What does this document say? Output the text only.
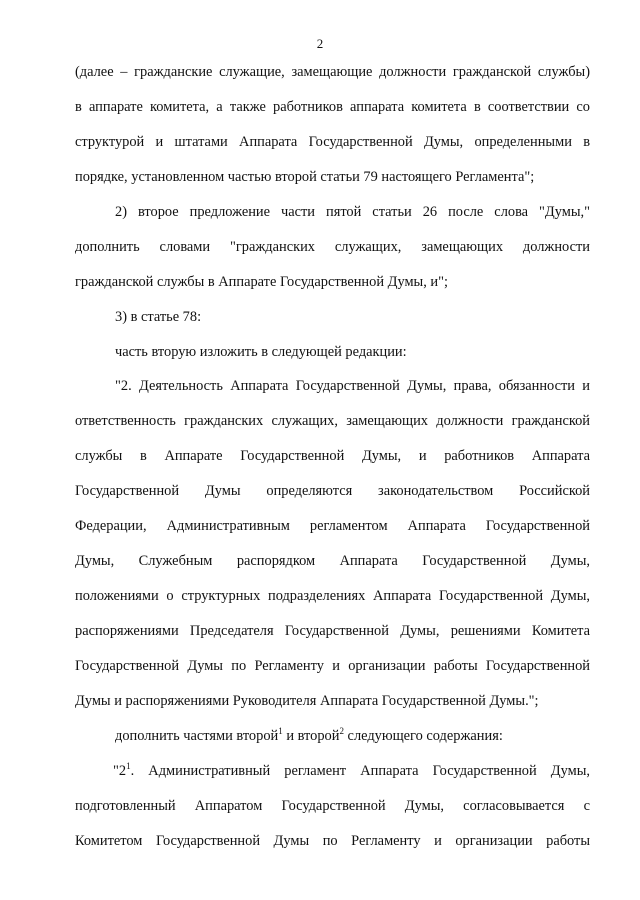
2
(далее – гражданские служащие, замещающие должности гражданской службы)
в аппарате комитета, а также работников аппарата комитета в соответствии со
структурой и штатами Аппарата Государственной Думы, определенными в
порядке, установленном частью второй статьи 79 настоящего Регламента";
2) второе предложение части пятой статьи 26 после слова "Думы,"
дополнить словами "гражданских служащих, замещающих должности
гражданской службы в Аппарате Государственной Думы, и";
3) в статье 78:
часть вторую изложить в следующей редакции:
"2. Деятельность Аппарата Государственной Думы, права, обязанности и
ответственность гражданских служащих, замещающих должности гражданской
службы в Аппарате Государственной Думы, и работников Аппарата
Государственной Думы определяются законодательством Российской
Федерации, Административным регламентом Аппарата Государственной
Думы, Служебным распорядком Аппарата Государственной Думы,
положениями о структурных подразделениях Аппарата Государственной Думы,
распоряжениями Председателя Государственной Думы, решениями Комитета
Государственной Думы по Регламенту и организации работы Государственной
Думы и распоряжениями Руководителя Аппарата Государственной Думы.";
дополнить частями второй$^1$ и второй$^2$ следующего содержания:
"$2^1$. Административный регламент Аппарата Государственной Думы,
подготовленный Аппаратом Государственной Думы, согласовывается с
Комитетом Государственной Думы по Регламенту и организации работы
